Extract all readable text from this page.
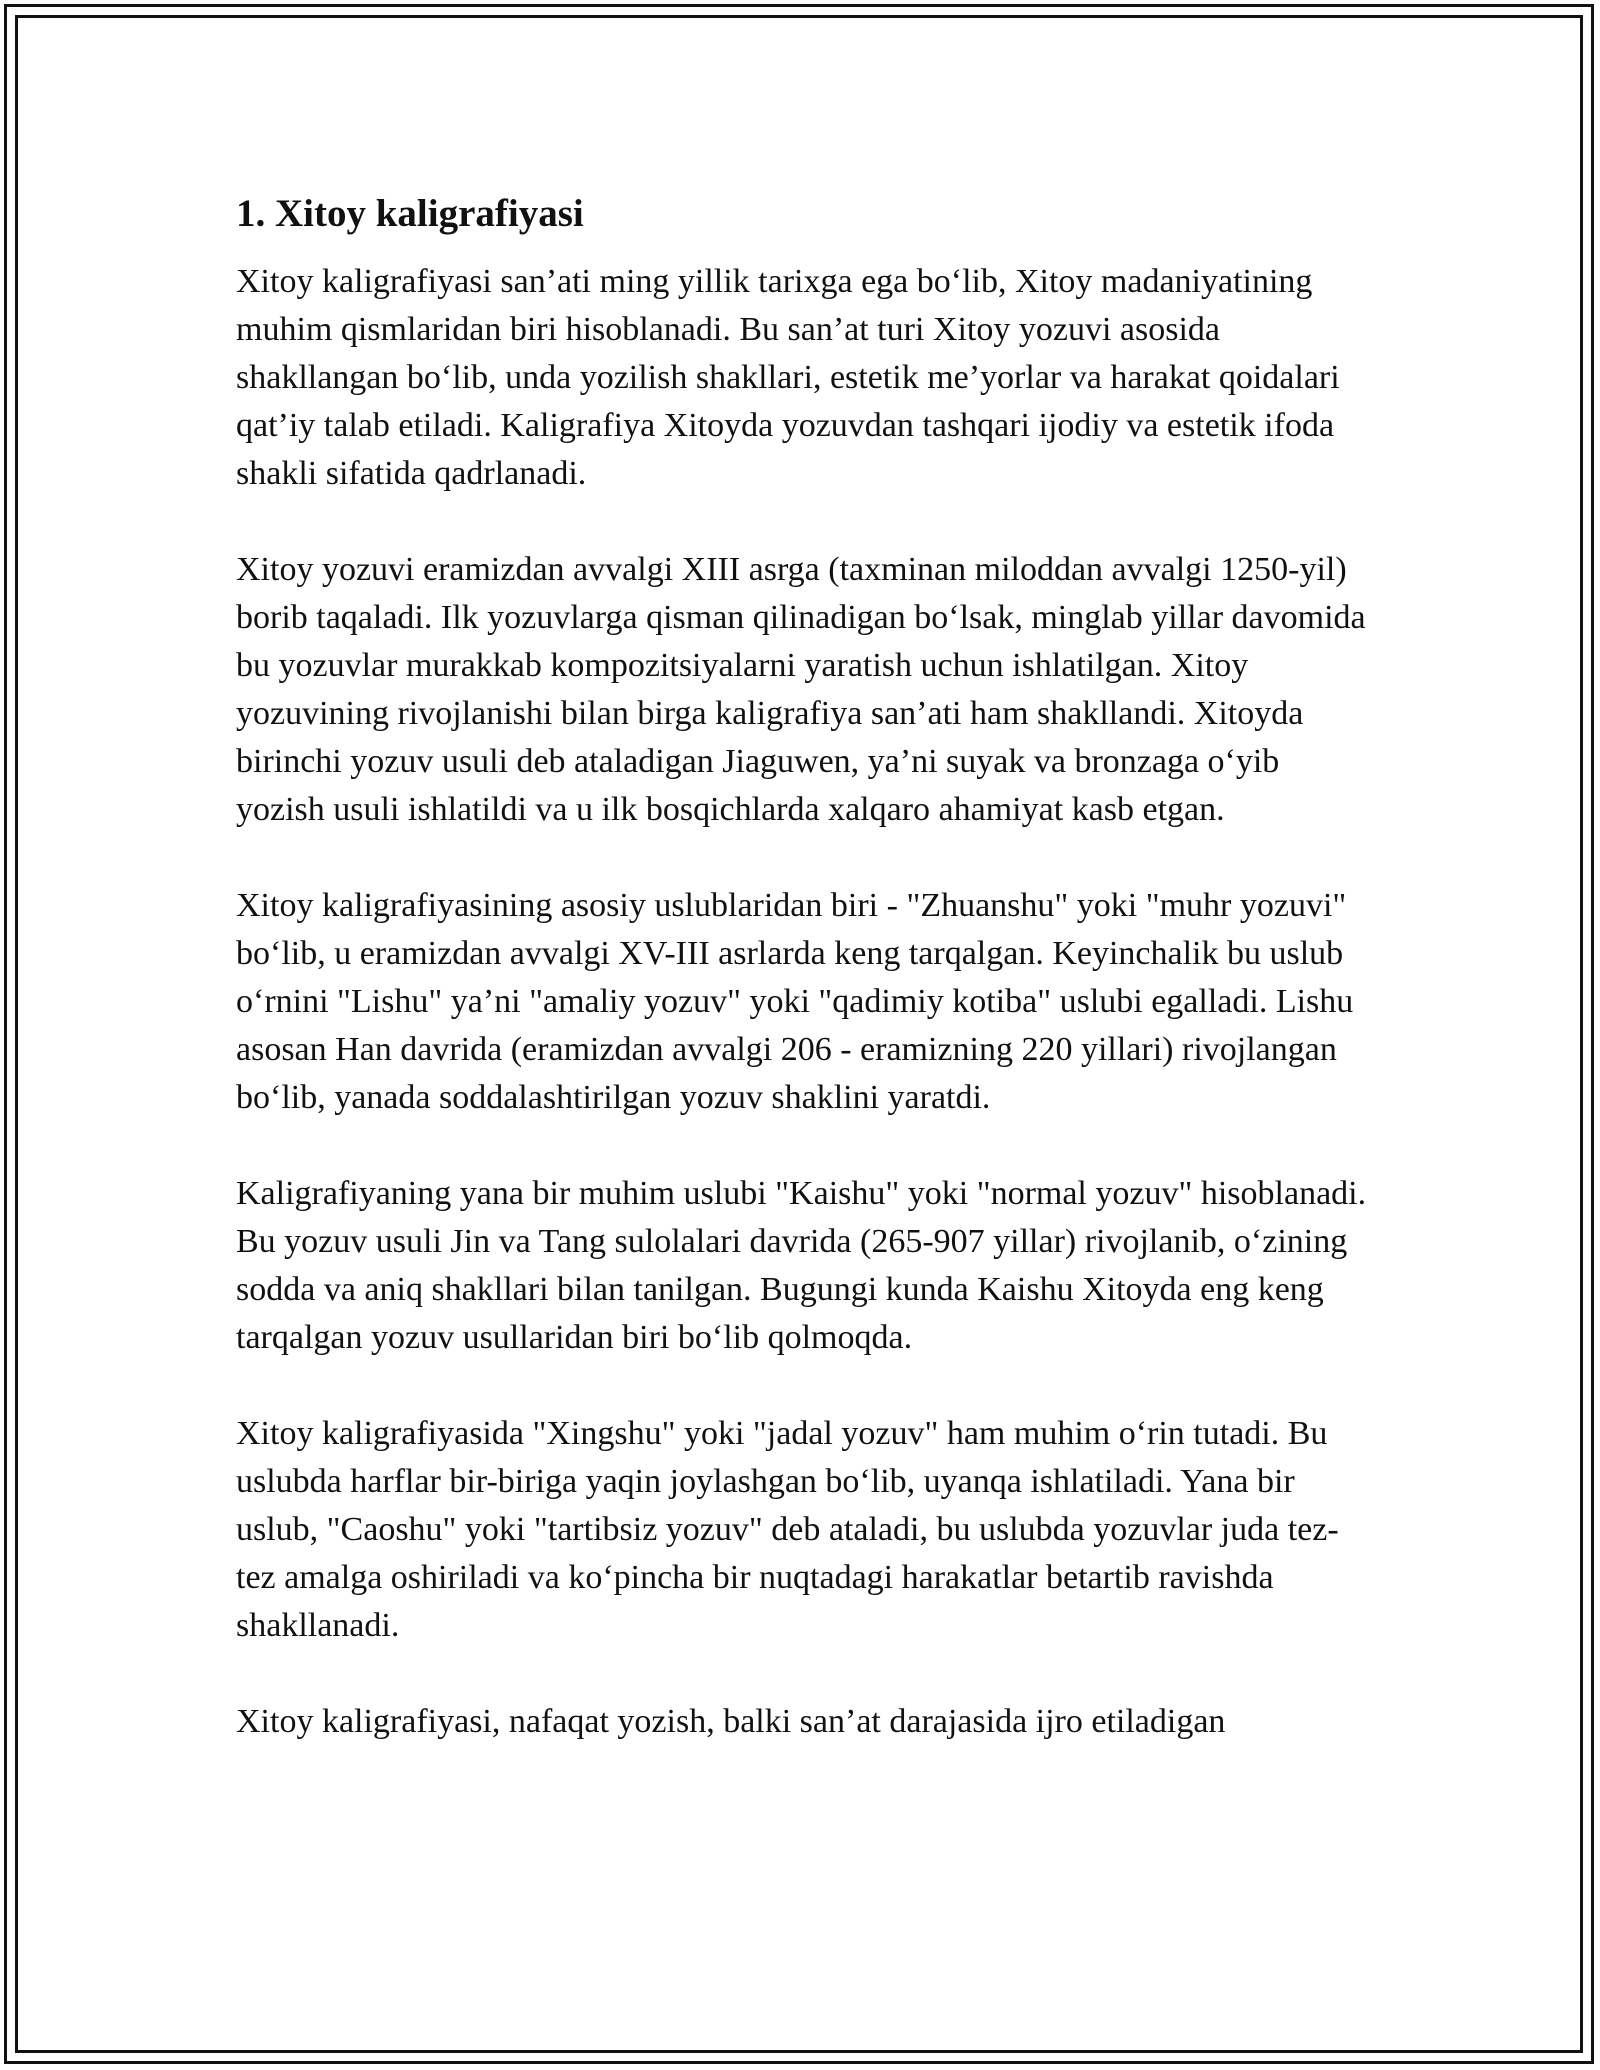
1. Xitoy kaligrafiyasi

Xitoy kaligrafiyasi san’ati ming yillik tarixga ega bo‘lib, Xitoy madaniyatining muhim qismlaridan biri hisoblanadi. Bu san’at turi Xitoy yozuvi asosida shakllangan bo‘lib, unda yozilish shakllari, estetik me’yorlar va harakat qoidalari qat’iy talab etiladi. Kaligrafiya Xitoyda yozuvdan tashqari ijodiy va estetik ifoda shakli sifatida qadrlanadi.

Xitoy yozuvi eramizdan avvalgi XIII asrga (taxminan miloddan avvalgi 1250-yil) borib taqaladi. Ilk yozuvlarga qisman qilinadigan bo‘lsak, minglab yillar davomida bu yozuvlar murakkab kompozitsiyalarni yaratish uchun ishlatilgan. Xitoy yozuvining rivojlanishi bilan birga kaligrafiya san’ati ham shakllandi. Xitoyda birinchi yozuv usuli deb ataladigan Jiaguwen, ya’ni suyak va bronzaga o‘yib yozish usuli ishlatildi va u ilk bosqichlarda xalqaro ahamiyat kasb etgan.

Xitoy kaligrafiyasining asosiy uslublaridan biri - "Zhuanshu" yoki "muhr yozuvi" bo‘lib, u eramizdan avvalgi XV-III asrlarda keng tarqalgan. Keyinchalik bu uslub o‘rnini "Lishu" ya’ni "amaliy yozuv" yoki "qadimiy kotiba" uslubi egalladi. Lishu asosan Han davrida (eramizdan avvalgi 206 - eramizning 220 yillari) rivojlangan bo‘lib, yanada soddalashtirilgan yozuv shaklini yaratdi.

Kaligrafiyaning yana bir muhim uslubi "Kaishu" yoki "normal yozuv" hisoblanadi. Bu yozuv usuli Jin va Tang sulolalari davrida (265-907 yillar) rivojlanib, o‘zining sodda va aniq shakllari bilan tanilgan. Bugungi kunda Kaishu Xitoyda eng keng tarqalgan yozuv usullaridan biri bo‘lib qolmoqda.

Xitoy kaligrafiyasida "Xingshu" yoki "jadal yozuv" ham muhim o‘rin tutadi. Bu uslubda harflar bir-biriga yaqin joylashgan bo‘lib, uyanqa ishlatiladi. Yana bir uslub, "Caoshu" yoki "tartibsiz yozuv" deb ataladi, bu uslubda yozuvlar juda tez-tez amalga oshiriladi va ko‘pincha bir nuqtadagi harakatlar betartib ravishda shakllanadi.

Xitoy kaligrafiyasi, nafaqat yozish, balki san’at darajasida ijro etiladigan
